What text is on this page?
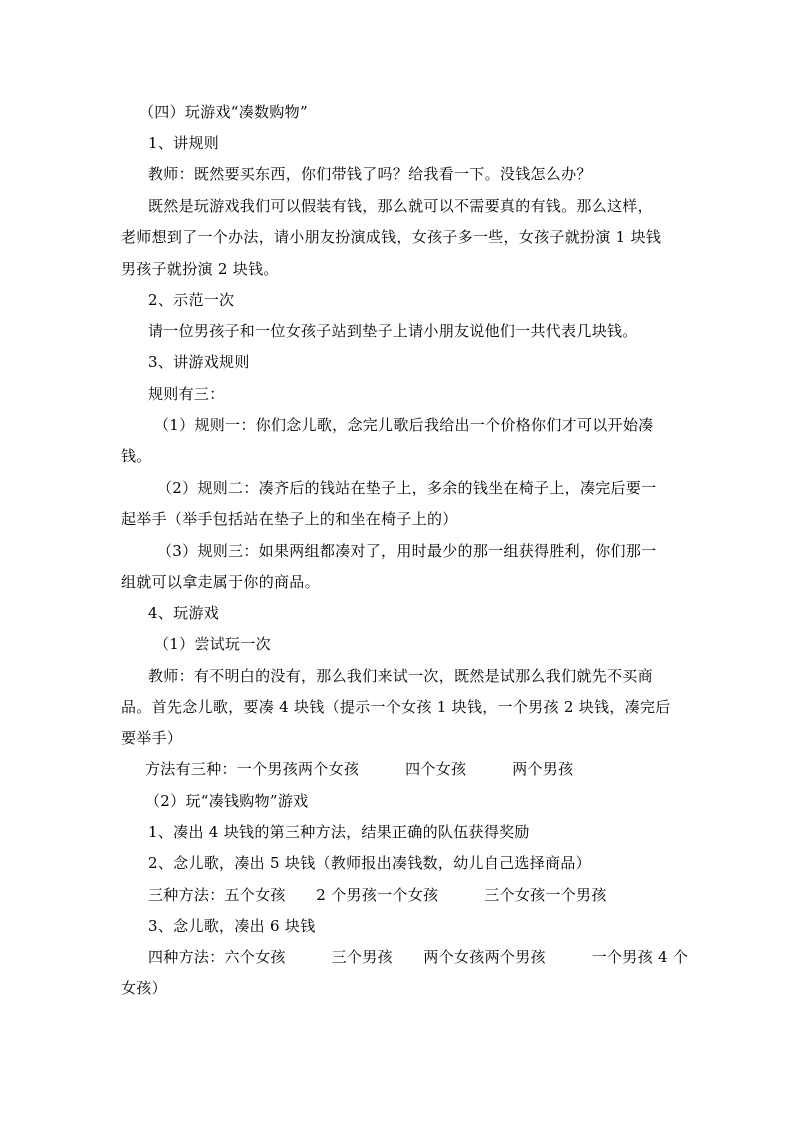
（四）玩游戏“凑数购物”
1、讲规则
教师：既然要买东西，你们带钱了吗？给我看一下。没钱怎么办？
既然是玩游戏我们可以假装有钱，那么就可以不需要真的有钱。那么这样，
老师想到了一个办法，请小朋友扮演成钱，女孩子多一些，女孩子就扮演 1 块钱
男孩子就扮演 2 块钱。
2、示范一次
请一位男孩子和一位女孩子站到垫子上请小朋友说他们一共代表几块钱。
3、讲游戏规则
规则有三：
（1）规则一：你们念儿歌，念完儿歌后我给出一个价格你们才可以开始凑
钱。
（2）规则二：凑齐后的钱站在垫子上，多余的钱坐在椅子上，凑完后要一
起举手（举手包括站在垫子上的和坐在椅子上的）
（3）规则三：如果两组都凑对了，用时最少的那一组获得胜利，你们那一
组就可以拿走属于你的商品。
4、玩游戏
（1）尝试玩一次
教师：有不明白的没有，那么我们来试一次，既然是试那么我们就先不买商
品。首先念儿歌，要凑 4 块钱（提示一个女孩 1 块钱，一个男孩 2 块钱，凑完后
要举手）
方法有三种：一个男孩两个女孩　　　四个女孩　　　两个男孩
（2）玩“凑钱购物”游戏
1、凑出 4 块钱的第三种方法，结果正确的队伍获得奖励
2、念儿歌，凑出 5 块钱（教师报出凑钱数，幼儿自己选择商品）
三种方法：五个女孩　　2 个男孩一个女孩　　　三个女孩一个男孩
3、念儿歌，凑出 6 块钱
四种方法：六个女孩　　　三个男孩　　两个女孩两个男孩　　　一个男孩 4 个
女孩）
